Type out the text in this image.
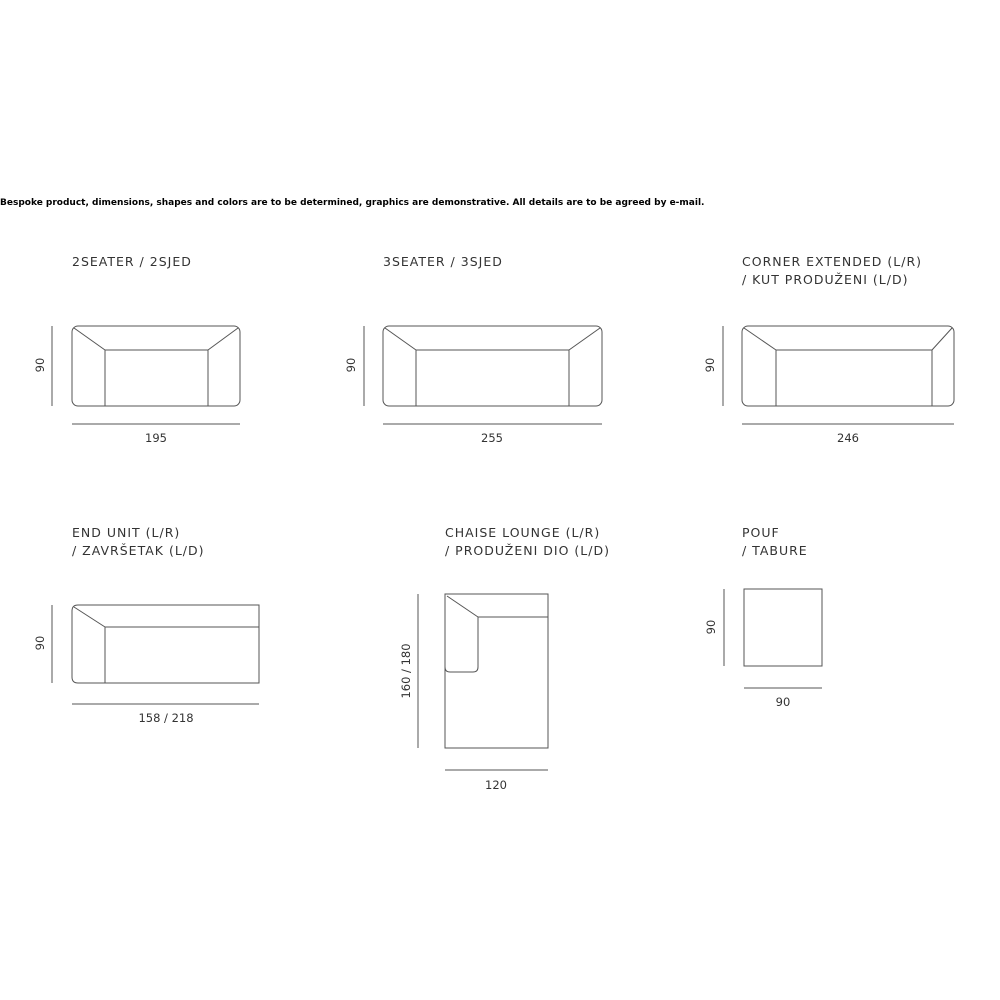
Bespoke product, dimensions, shapes and colors are to be determined, graphics are demonstrative. All details are to be agreed by e-mail.
2SEATER / 2SJED	3SEATER / 3SJED	CORNER EXTENDED (L/R)
/ KUT PRODUŽENI (L/D)
END UNIT (L/R)
/ ZAVRŠETAK (L/D)
CHAISE LOUNGE (L/R)
/ PRODUŽENI DIO (L/D)
POUF
/ TABURE
195	255	246
158 / 218
120
90
90	90	90
90
160 / 180
90
